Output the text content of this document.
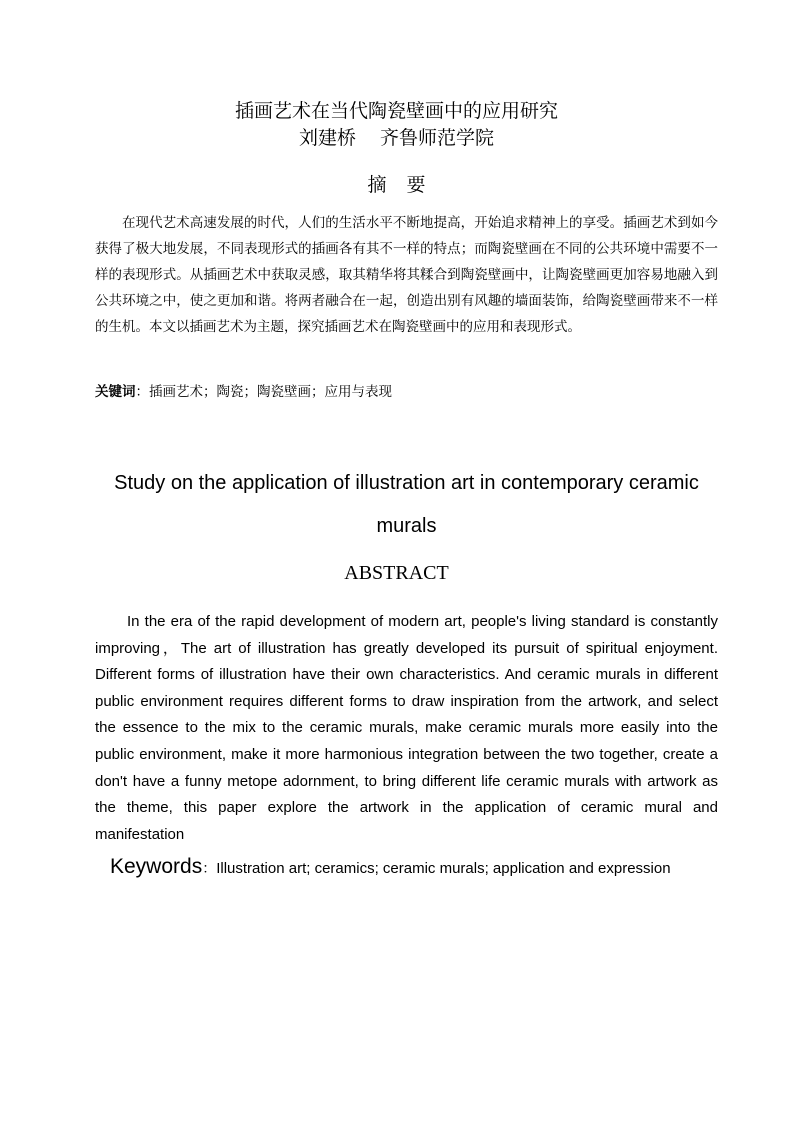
插画艺术在当代陶瓷壁画中的应用研究
刘建桥 齐鲁师范学院
摘 要
在现代艺术高速发展的时代，人们的生活水平不断地提高，开始追求精神上的享受。插画艺术到如今获得了极大地发展，不同表现形式的插画各有其不一样的特点；而陶瓷壁画在不同的公共环境中需要不一样的表现形式。从插画艺术中获取灵感，取其精华将其糅合到陶瓷壁画中，让陶瓷壁画更加容易地融入到公共环境之中，使之更加和谐。将两者融合在一起，创造出别有风趣的墙面装饰，给陶瓷壁画带来不一样的生机。本文以插画艺术为主题，探究插画艺术在陶瓷壁画中的应用和表现形式。
关键词：插画艺术；陶瓷；陶瓷壁画；应用与表现
Study on the application of illustration art in contemporary ceramic murals
ABSTRACT
In the era of the rapid development of modern art, people's living standard is constantly improving，The art of illustration has greatly developed its pursuit of spiritual enjoyment. Different forms of illustration have their own characteristics. And ceramic murals in different public environment requires different forms to draw inspiration from the artwork, and select the essence to the mix to the ceramic murals, make ceramic murals more easily into the public environment, make it more harmonious integration between the two together, create a don't have a funny metope adornment, to bring different life ceramic murals with artwork as the theme, this paper explore the artwork in the application of ceramic mural and manifestation
Keywords：Illustration art; ceramics; ceramic murals; application and expression
